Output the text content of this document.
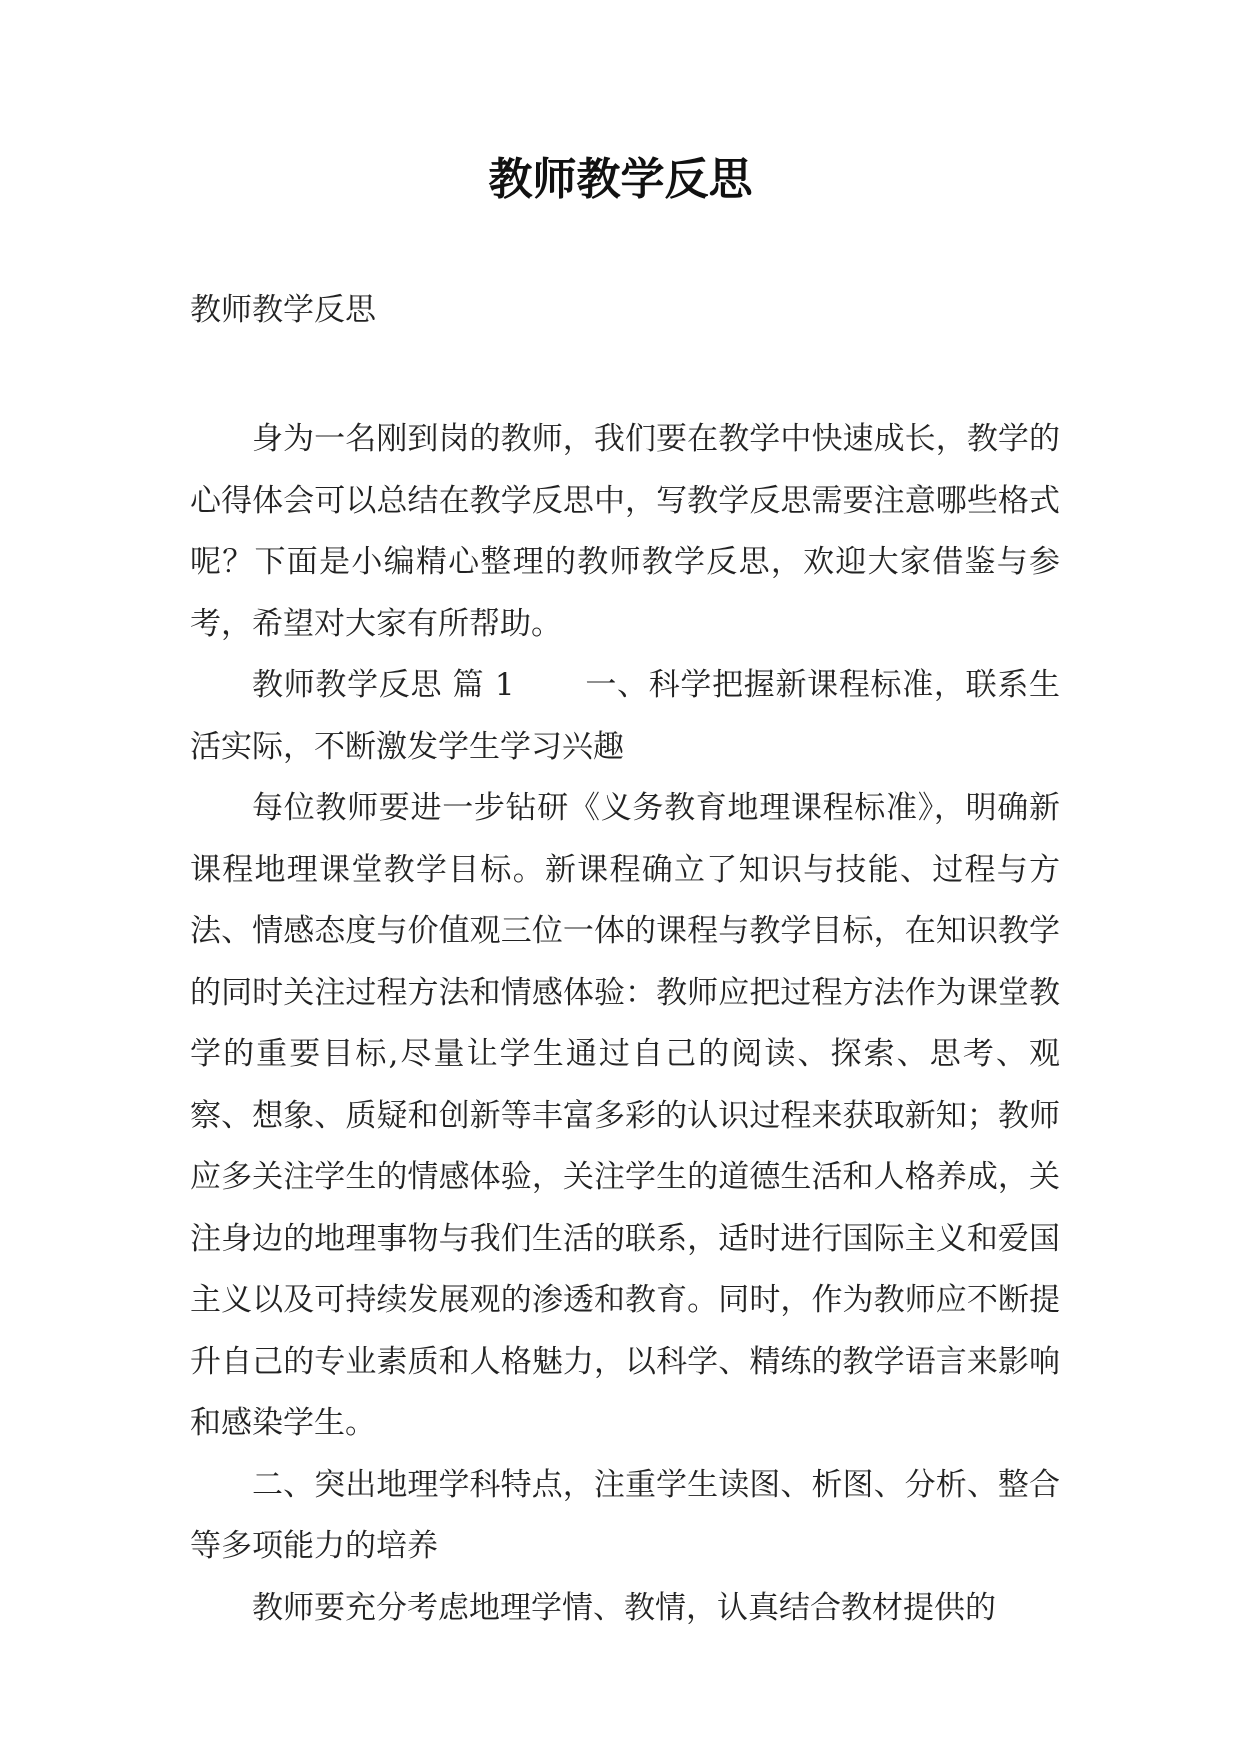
教师教学反思

教师教学反思

身为一名刚到岗的教师，我们要在教学中快速成长，教学的心得体会可以总结在教学反思中，写教学反思需要注意哪些格式呢？下面是小编精心整理的教师教学反思，欢迎大家借鉴与参考，希望对大家有所帮助。

教师教学反思 篇 1 一、科学把握新课程标准，联系生活实际，不断激发学生学习兴趣

每位教师要进一步钻研《义务教育地理课程标准》，明确新课程地理课堂教学目标。新课程确立了知识与技能、过程与方法、情感态度与价值观三位一体的课程与教学目标，在知识教学的同时关注过程方法和情感体验：教师应把过程方法作为课堂教学的重要目标,尽量让学生通过自己的阅读、探索、思考、观察、想象、质疑和创新等丰富多彩的认识过程来获取新知；教师应多关注学生的情感体验，关注学生的道德生活和人格养成，关注身边的地理事物与我们生活的联系，适时进行国际主义和爱国主义以及可持续发展观的渗透和教育。同时，作为教师应不断提升自己的专业素质和人格魅力，以科学、精练的教学语言来影响和感染学生。

二、突出地理学科特点，注重学生读图、析图、分析、整合等多项能力的培养

教师要充分考虑地理学情、教情，认真结合教材提供的
